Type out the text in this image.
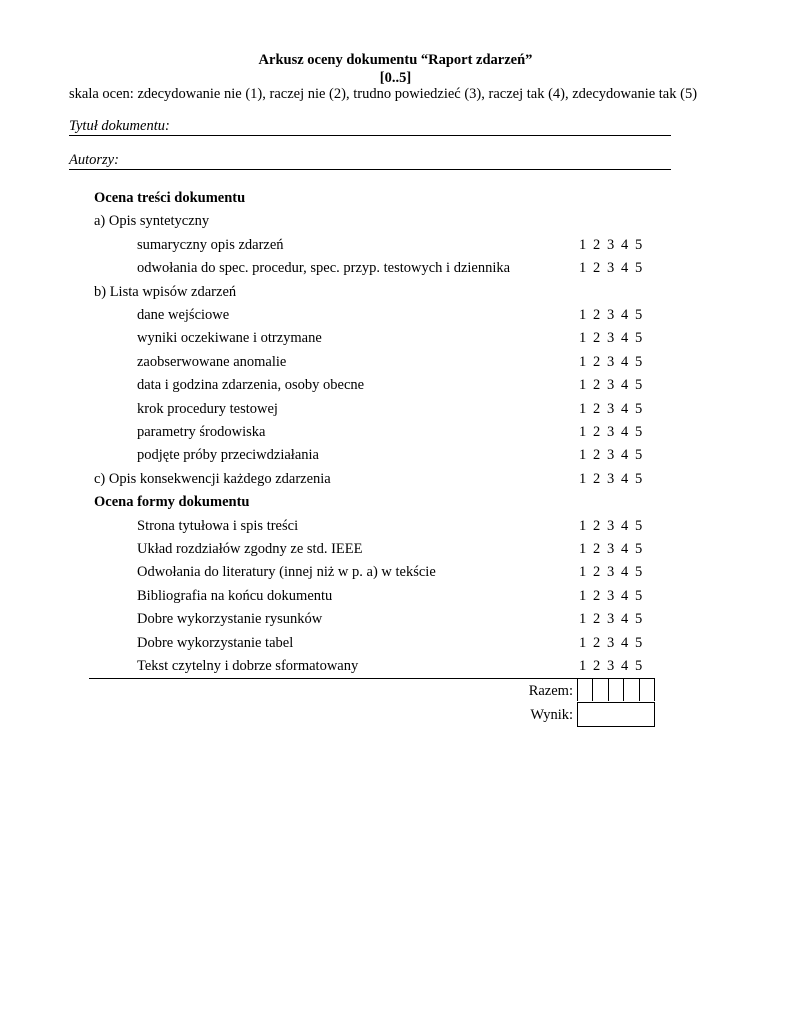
Arkusz oceny dokumentu “Raport zdarzeń”
[0..5]
skala ocen: zdecydowanie nie (1), raczej nie (2), trudno powiedzieć (3), raczej tak (4), zdecydowanie tak (5)
Tytuł dokumentu:
Autorzy:
Ocena treści dokumentu
a) Opis syntetyczny
sumaryczny opis zdarzeń	1 2 3 4 5
odwołania do spec. procedur, spec. przyp. testowych i dziennika	1 2 3 4 5
b) Lista wpisów zdarzeń
dane wejściowe	1 2 3 4 5
wyniki oczekiwane i otrzymane	1 2 3 4 5
zaobserwowane anomalie	1 2 3 4 5
data i godzina zdarzenia, osoby obecne	1 2 3 4 5
krok procedury testowej	1 2 3 4 5
parametry środowiska	1 2 3 4 5
podjęte próby przeciwdziałania	1 2 3 4 5
c) Opis konsekwencji każdego zdarzenia	1 2 3 4 5
Ocena formy dokumentu
Strona tytułowa i spis treści	1 2 3 4 5
Układ rozdziałów zgodny ze std. IEEE	1 2 3 4 5
Odwołania do literatury (innej niż w p. a) w tekście	1 2 3 4 5
Bibliografia na końcu dokumentu	1 2 3 4 5
Dobre wykorzystanie rysunków	1 2 3 4 5
Dobre wykorzystanie tabel	1 2 3 4 5
Tekst czytelny i dobrze sformatowany	1 2 3 4 5
Razem:
Wynik:
